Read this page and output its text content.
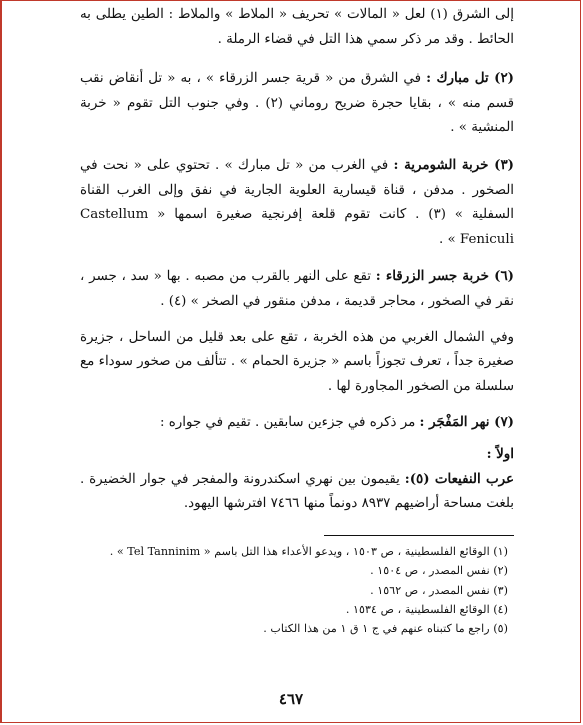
إلى الشرق (١) لعل « المالات » تحريف « الملاط » والملاط : الطين يطلى به الحائط . وقد مر ذكر سمي هذا التل في قضاء الرملة .

(٢) تل مبارك : في الشرق من « قرية جسر الزرقاء » ، به « تل أنقاض نقب قسم منه » ، بقايا حجرة ضريح روماني (٢) . وفي جنوب التل تقوم « خربة المنشية » .

(٣) خربة الشومرية : في الغرب من « تل مبارك » . تحتوي على « نحت في الصخور . مدفن ، قناة قيسارية العلوية الجارية في نفق وإلى الغرب القناة السفلية » (٣) . كانت تقوم قلعة إفرنجية صغيرة اسمها « Castellum Feniculi » .

(٦) خربة جسر الزرقاء : تقع على النهر بالقرب من مصبه . بها « سد ، جسر ، نقر في الصخور ، محاجر قديمة ، مدفن منقور في الصخر » (٤) .

وفي الشمال الغربي من هذه الخربة ، تقع على بعد قليل من الساحل ، جزيرة صغيرة جداً ، تعرف تجوزاً باسم « جزيرة الحمام » . تتألف من صخور سوداء مع سلسلة من الصخور المجاورة لها .

(٧) نهر المَفْجَر : مر ذكره في جزءين سابقين . تقيم في جواره :

اولاً :

عرب النفيعات (٥): يقيمون بين نهري اسكندرونة والمفجر في جوار الخضيرة . بلغت مساحة أراضيهم ٨٩٣٧ دونماً منها ٧٤٦٦ افترشها اليهود.

(١) الوقائع الفلسطينية ، ص ١٥٠٣ ، ويدعو الأعداء هذا التل باسم « Tel Tanninim » .

(٢) نفس المصدر ، ص ١٥٠٤ .

(٣) نفس المصدر ، ص ١٥٦٢ .

(٤) الوقائع الفلسطينية ، ص ١٥٣٤ .

(٥) راجع ما كتبناه عنهم في ج ١ ق ١ من هذا الكتاب .

٤٦٧
